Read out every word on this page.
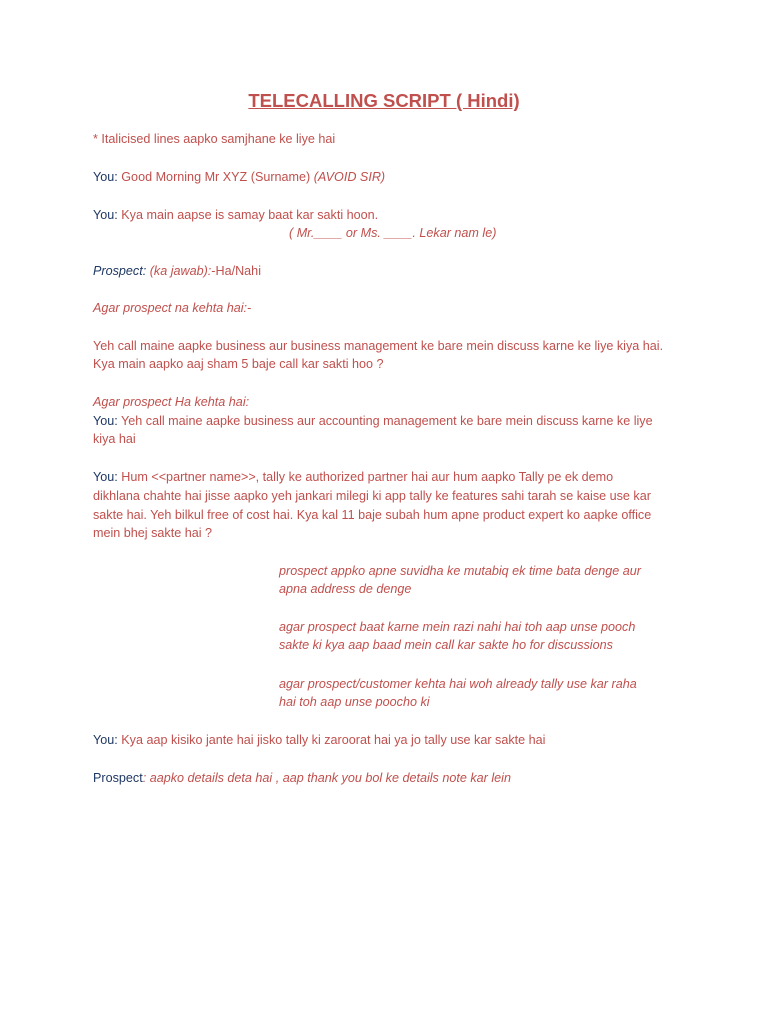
TELECALLING SCRIPT ( Hindi)
* Italicised lines aapko samjhane ke liye hai
You: Good Morning Mr XYZ (Surname) (AVOID SIR)
You: Kya main aapse is samay baat kar sakti hoon.
( Mr.____ or Ms. ____. Lekar nam le)
Prospect: (ka jawab):-Ha/Nahi
Agar prospect na kehta hai:-
Yeh call maine aapke business aur business management ke bare mein discuss karne ke liye kiya hai.
Kya main aapko aaj sham 5 baje call kar sakti hoo ?
Agar prospect Ha kehta hai:
You: Yeh call maine aapke business aur accounting management ke bare mein discuss karne ke liye
kiya hai
You: Hum <<partner name>>, tally ke authorized partner hai aur hum aapko Tally pe ek demo
dikhlana chahte hai jisse aapko yeh jankari milegi ki app tally ke features sahi tarah se kaise use kar
sakte hai. Yeh bilkul free of cost hai. Kya kal 11 baje subah hum apne product expert ko aapke office
mein bhej sakte hai ?
prospect appko apne suvidha ke mutabiq ek time bata denge aur
apna address de denge
agar prospect baat karne mein razi nahi hai toh aap unse pooch
sakte ki kya aap baad mein call kar sakte ho for discussions
agar prospect/customer kehta hai woh already tally use kar raha
hai toh aap unse poocho ki
You: Kya aap kisiko jante hai jisko tally ki zaroorat hai ya jo tally use kar sakte hai
Prospect: aapko details deta hai , aap thank you bol ke details note kar lein
